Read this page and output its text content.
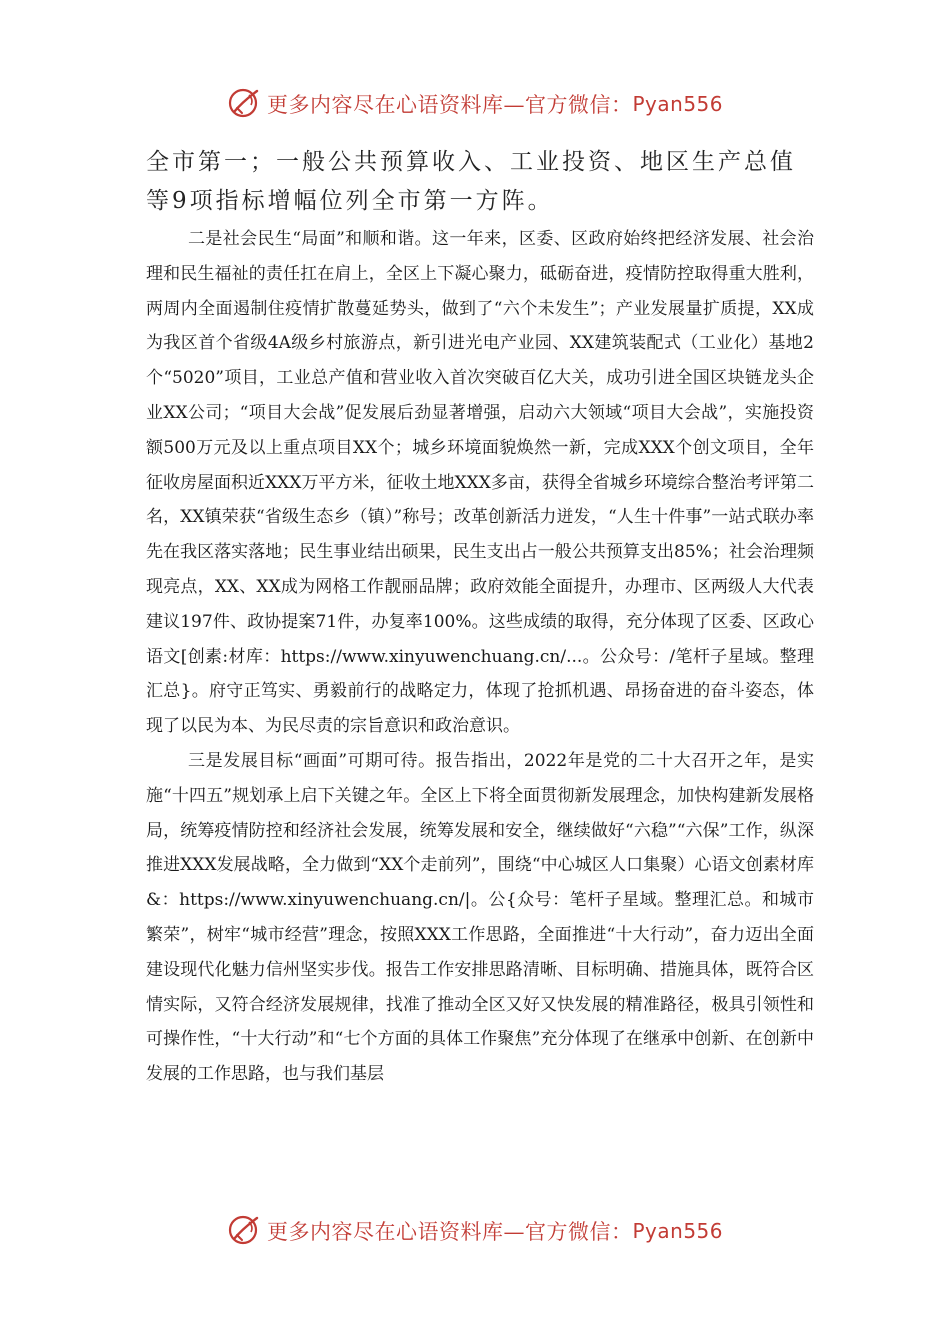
更多内容尽在心语资料库—官方微信： Pyan556
全市第一；一般公共预算收入、工业投资、地区生产总值
等9项指标增幅位列全市第一方阵。

二是社会民生“局面”和顺和谐。这一年来，区委、区政府始终把经济发展、社会治理和民生福祉的责任扛在肩上，全区上下凝心聚力，砥砺奋进，疫情防控取得重大胜利，两周内全面遏制住疫情扩散蔓延势头，做到了“六个未发生”；产业发展量扩质提，XX成为我区首个省级4A级乡村旅游点，新引进光电产业园、XX建筑装配式（工业化）基地2个“5020”项目，工业总产值和营业收入首次突破百亿大关，成功引进全国区块链龙头企业XX公司；“项目大会战”促发展后劲显著增强，启动六大领域“项目大会战”，实施投资额500万元及以上重点项目XX个；城乡环境面貌焕然一新，完成XXX个创文项目，全年征收房屋面积近XXX万平方米，征收土地XXX多亩，获得全省城乡环境综合整治考评第二名，XX镇荣获“省级生态乡（镇）”称号；改革创新活力迸发，“人生十件事”一站式联办率先在我区落实落地；民生事业结出硕果，民生支出占一般公共预算支出85%；社会治理频现亮点，XX、XX成为网格工作靓丽品牌；政府效能全面提升，办理市、区两级人大代表建议197件、政协提案71件，办复率100%。这些成绩的取得，充分体现了区委、区政心语文[创素:材库：https://www.xinyuwenchuang.cn/...。公众号：/笔杆子星域。整理汇总}。府守正笃实、勇毅前行的战略定力，体现了抢抓机遇、昂扬奋进的奋斗姿态，体现了以民为本、为民尽责的宗旨意识和政治意识。

三是发展目标“画面”可期可待。报告指出，2022年是党的二十大召开之年，是实施“十四五”规划承上启下关键之年。全区上下将全面贯彻新发展理念，加快构建新发展格局，统筹疫情防控和经济社会发展，统筹发展和安全，继续做好“六稳”“六保”工作，纵深推进XXX发展战略，全力做到“XX个走前列”，围绕“中心城区人口集聚）心语文创素材库&：https://www.xinyuwenchuang.cn/|。公{众号：笔杆子星域。整理汇总。和城市繁荣”，树牢“城市经营”理念，按照XXX工作思路，全面推进“十大行动”，奋力迈出全面建设现代化魅力信州坚实步伐。报告工作安排思路清晰、目标明确、措施具体，既符合区情实际，又符合经济发展规律，找准了推动全区又好又快发展的精准路径，极具引领性和可操作性，“十大行动”和“七个方面的具体工作聚焦”充分体现了在继承中创新、在创新中发展的工作思路，也与我们基层

更多内容尽在心语资料库—官方微信： Pyan556
